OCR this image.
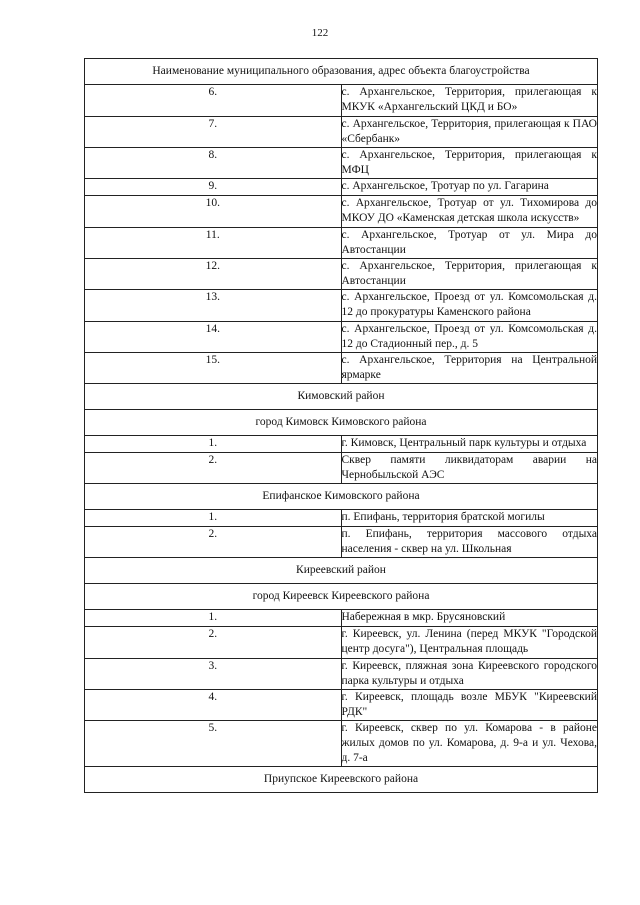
122
Наименование муниципального образования, адрес объекта благоустройства	
6.	с. Архангельское, Территория, прилегающая к МКУК «Архангельский ЦКД и БО»
7.	с. Архангельское, Территория, прилегающая к ПАО «Сбербанк»
8.	с. Архангельское, Территория, прилегающая к МФЦ
9.	с. Архангельское, Тротуар по ул. Гагарина
10.	с. Архангельское, Тротуар от ул. Тихомирова до МКОУ ДО «Каменская детская школа искусств»
11.	с. Архангельское, Тротуар от ул. Мира до Автостанции
12.	с. Архангельское, Территория, прилегающая к Автостанции
13.	с. Архангельское, Проезд от ул. Комсомольская д. 12 до прокуратуры Каменского района
14.	с. Архангельское, Проезд от ул. Комсомольская д. 12 до Стадионный пер., д. 5
15.	с. Архангельское, Территория на Центральной ярмарке
Кимовский район	
город Кимовск Кимовского района	
1.	г. Кимовск, Центральный парк культуры и отдыха
2.	Сквер памяти ликвидаторам аварии на Чернобыльской АЭС
Епифанское Кимовского района	
1.	п. Епифань, территория братской могилы
2.	п. Епифань, территория массового отдыха населения - сквер на ул. Школьная
Киреевский район	
город Киреевск Киреевского района	
1.	Набережная в мкр. Брусяновский
2.	г. Киреевск, ул. Ленина (перед МКУК "Городской центр досуга"), Центральная площадь
3.	г. Киреевск, пляжная зона Киреевского городского парка культуры и отдыха
4.	г. Киреевск, площадь возле МБУК "Киреевский РДК"
5.	г. Киреевск, сквер по ул. Комарова - в районе жилых домов по ул. Комарова, д. 9-а и ул. Чехова, д. 7-а
Приупское Киреевского района	
